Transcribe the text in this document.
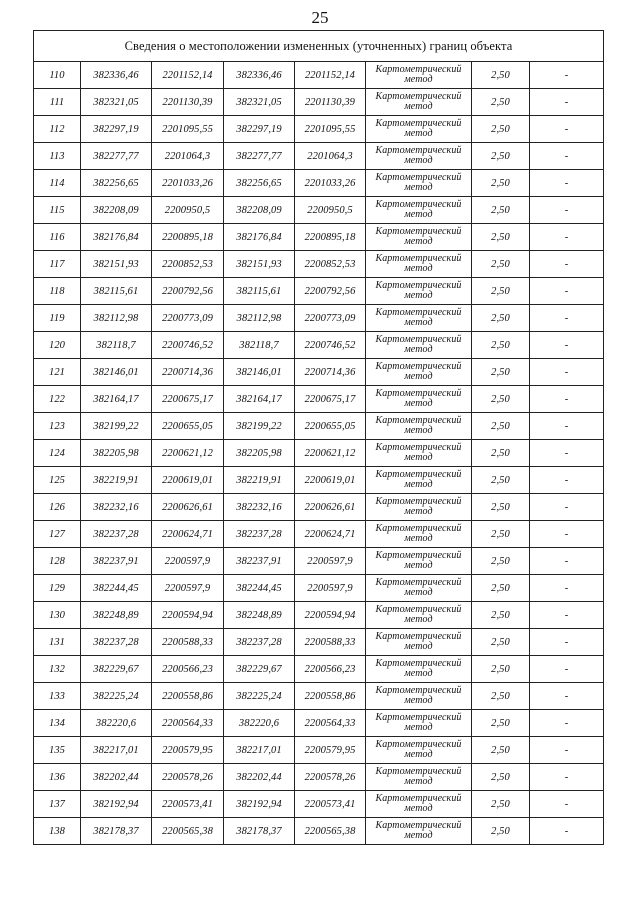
25
Сведения о местоположении измененных (уточненных) границ объекта							
110	382336,46	2201152,14	382336,46	2201152,14	Картометрический метод	2,50	-
111	382321,05	2201130,39	382321,05	2201130,39	Картометрический метод	2,50	-
112	382297,19	2201095,55	382297,19	2201095,55	Картометрический метод	2,50	-
113	382277,77	2201064,3	382277,77	2201064,3	Картометрический метод	2,50	-
114	382256,65	2201033,26	382256,65	2201033,26	Картометрический метод	2,50	-
115	382208,09	2200950,5	382208,09	2200950,5	Картометрический метод	2,50	-
116	382176,84	2200895,18	382176,84	2200895,18	Картометрический метод	2,50	-
117	382151,93	2200852,53	382151,93	2200852,53	Картометрический метод	2,50	-
118	382115,61	2200792,56	382115,61	2200792,56	Картометрический метод	2,50	-
119	382112,98	2200773,09	382112,98	2200773,09	Картометрический метод	2,50	-
120	382118,7	2200746,52	382118,7	2200746,52	Картометрический метод	2,50	-
121	382146,01	2200714,36	382146,01	2200714,36	Картометрический метод	2,50	-
122	382164,17	2200675,17	382164,17	2200675,17	Картометрический метод	2,50	-
123	382199,22	2200655,05	382199,22	2200655,05	Картометрический метод	2,50	-
124	382205,98	2200621,12	382205,98	2200621,12	Картометрический метод	2,50	-
125	382219,91	2200619,01	382219,91	2200619,01	Картометрический метод	2,50	-
126	382232,16	2200626,61	382232,16	2200626,61	Картометрический метод	2,50	-
127	382237,28	2200624,71	382237,28	2200624,71	Картометрический метод	2,50	-
128	382237,91	2200597,9	382237,91	2200597,9	Картометрический метод	2,50	-
129	382244,45	2200597,9	382244,45	2200597,9	Картометрический метод	2,50	-
130	382248,89	2200594,94	382248,89	2200594,94	Картометрический метод	2,50	-
131	382237,28	2200588,33	382237,28	2200588,33	Картометрический метод	2,50	-
132	382229,67	2200566,23	382229,67	2200566,23	Картометрический метод	2,50	-
133	382225,24	2200558,86	382225,24	2200558,86	Картометрический метод	2,50	-
134	382220,6	2200564,33	382220,6	2200564,33	Картометрический метод	2,50	-
135	382217,01	2200579,95	382217,01	2200579,95	Картометрический метод	2,50	-
136	382202,44	2200578,26	382202,44	2200578,26	Картометрический метод	2,50	-
137	382192,94	2200573,41	382192,94	2200573,41	Картометрический метод	2,50	-
138	382178,37	2200565,38	382178,37	2200565,38	Картометрический метод	2,50	-
